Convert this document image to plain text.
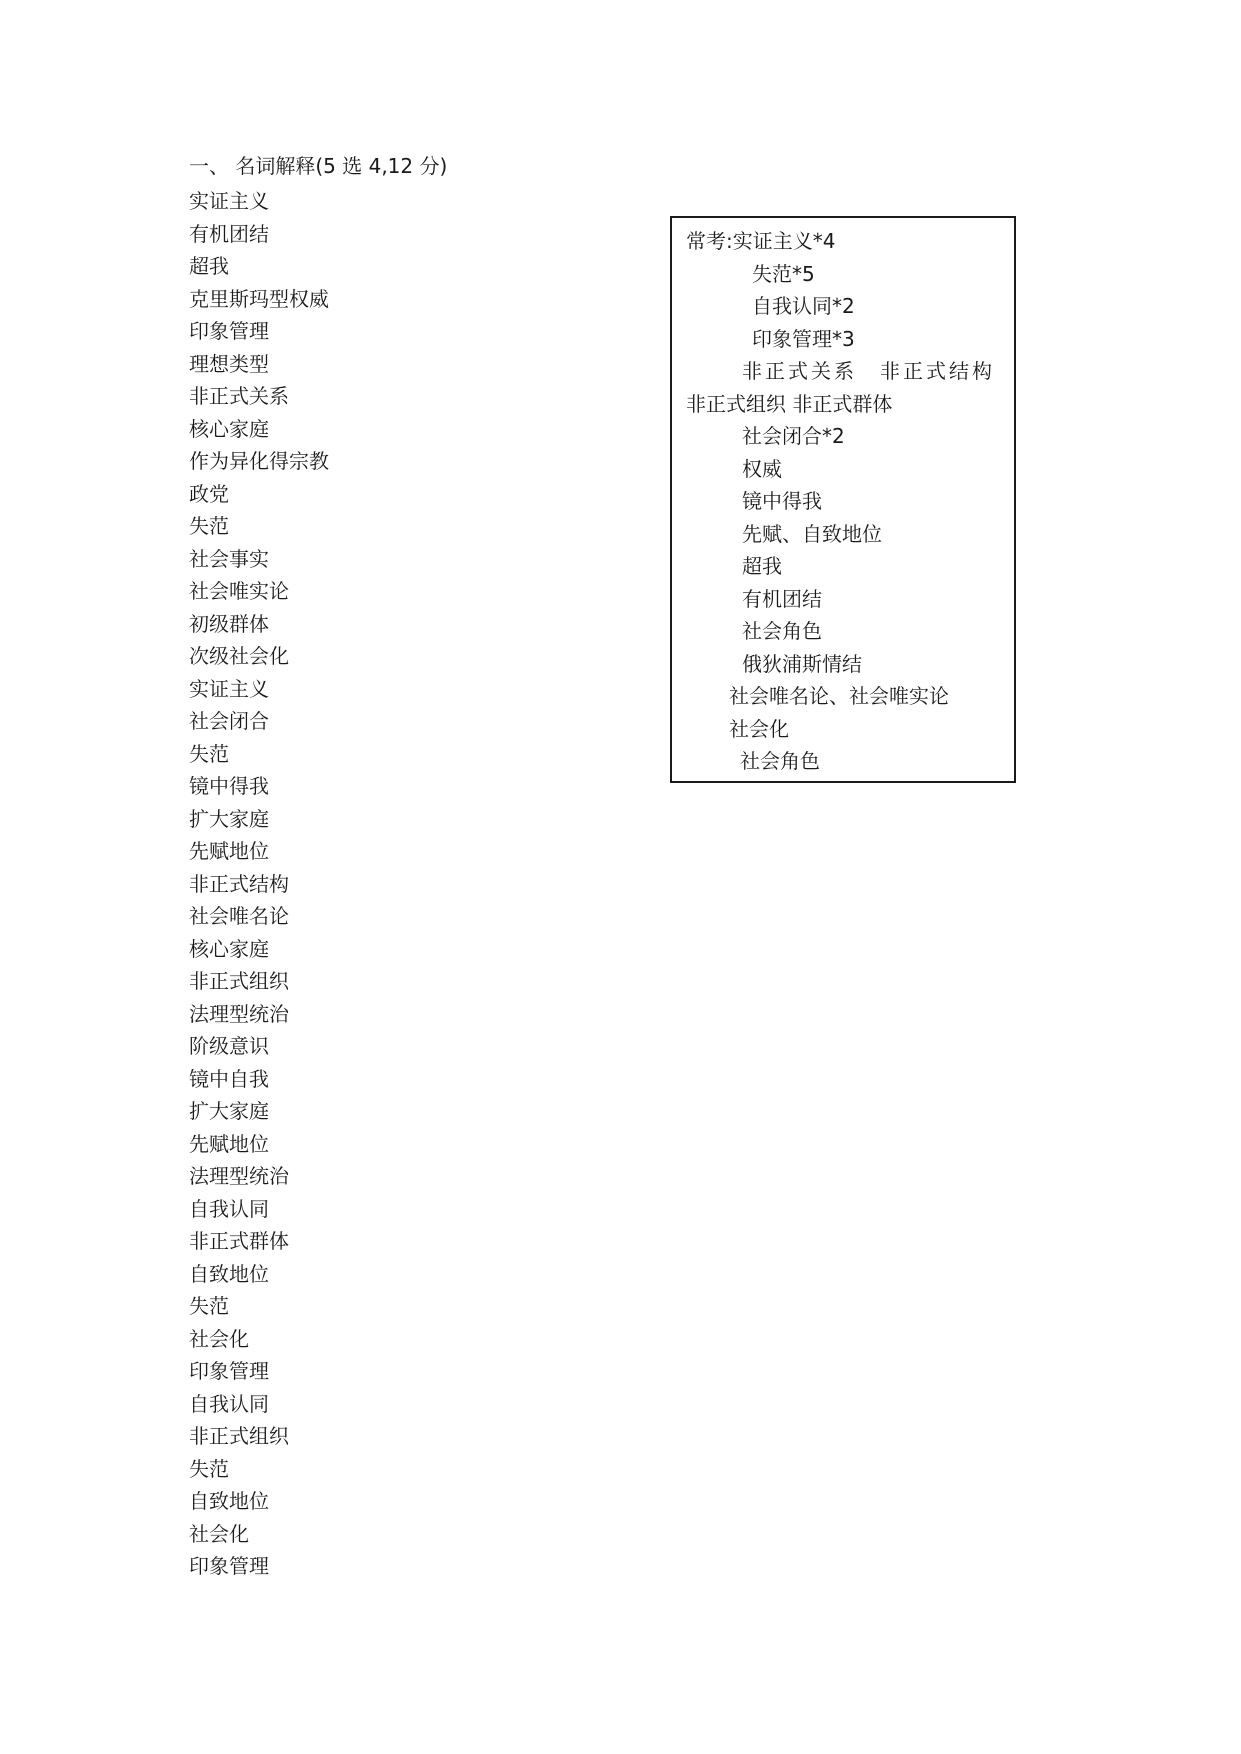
一、 名词解释(5 选 4,12 分)
实证主义
有机团结
超我
克里斯玛型权威
印象管理
理想类型
非正式关系
核心家庭
作为异化得宗教
政党
失范
社会事实
社会唯实论
初级群体
次级社会化
实证主义
社会闭合
失范
镜中得我
扩大家庭
先赋地位
非正式结构
社会唯名论
核心家庭
非正式组织
法理型统治
阶级意识
镜中自我
扩大家庭
先赋地位
法理型统治
自我认同
非正式群体
自致地位
失范
社会化
印象管理
自我认同
非正式组织
失范
自致地位
社会化
印象管理
常考:实证主义*4
失范*5
自我认同*2
印象管理*3
非正式关系　非正式结构
非正式组织 非正式群体
社会闭合*2
权威
镜中得我
先赋、自致地位
超我
有机团结
社会角色
俄狄浦斯情结
社会唯名论、社会唯实论
社会化
社会角色
